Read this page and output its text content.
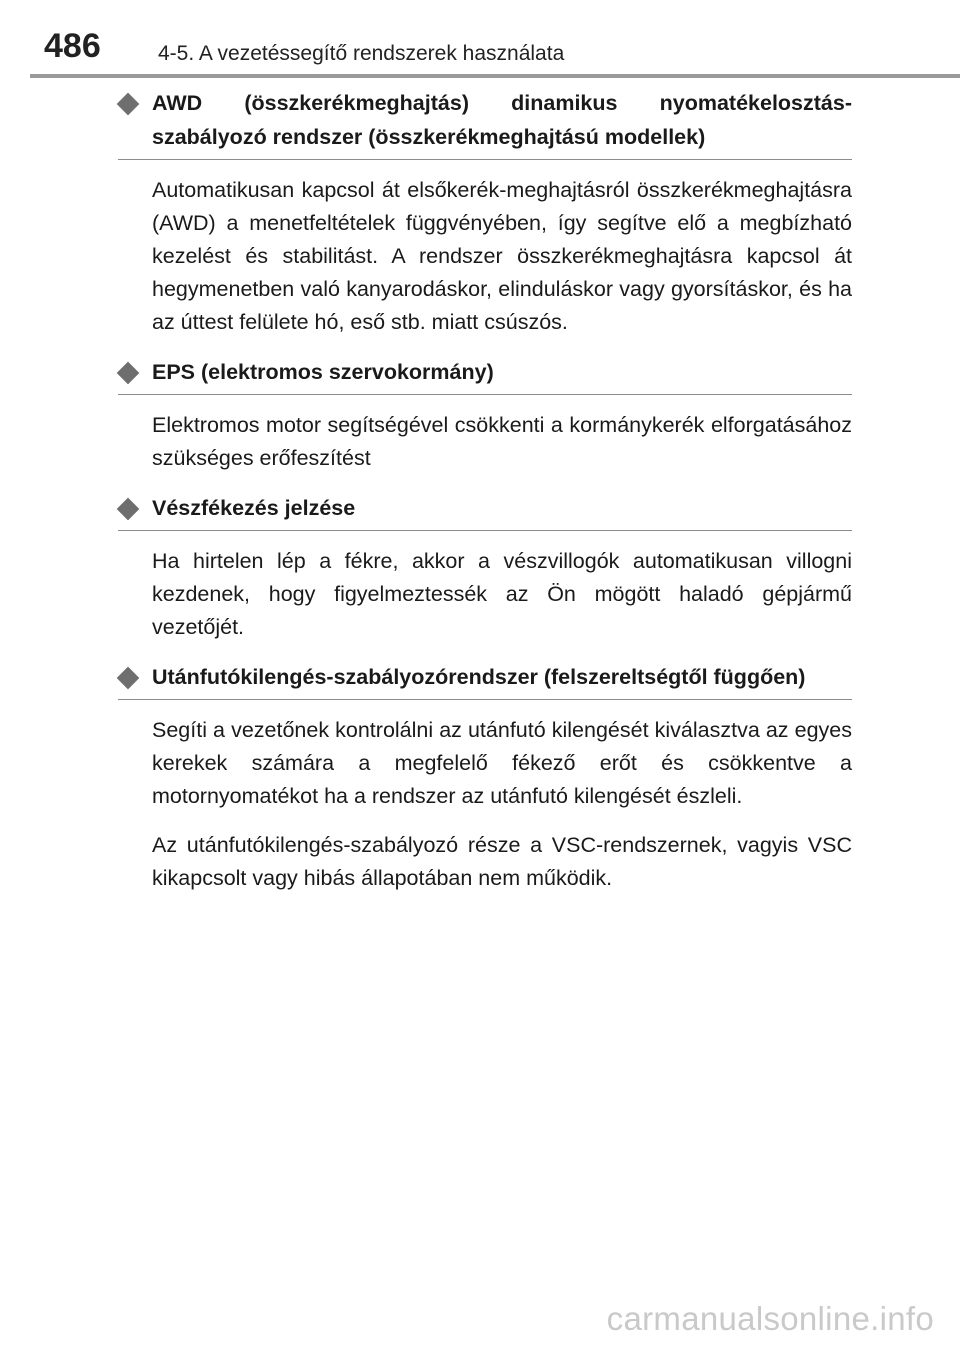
486	4-5. A vezetéssegítő rendszerek használata
AWD (összkerékmeghajtás) dinamikus nyomatékelosztás-szabályozó rendszer (összkerékmeghajtású modellek)

Automatikusan kapcsol át elsőkerék-meghajtásról összkerékmeghajtásra (AWD) a menetfeltételek függvényében, így segítve elő a megbízható kezelést és stabilitást. A rendszer összkerékmeghajtásra kapcsol át hegymenetben való kanyarodáskor, elinduláskor vagy gyorsításkor, és ha az úttest felülete hó, eső stb. miatt csúszós.

EPS (elektromos szervokormány)

Elektromos motor segítségével csökkenti a kormánykerék elforgatásához szükséges erőfeszítést

Vészfékezés jelzése

Ha hirtelen lép a fékre, akkor a vészvillogók automatikusan villogni kezdenek, hogy figyelmeztessék az Ön mögött haladó gépjármű vezetőjét.

Utánfutókilengés-szabályozórendszer (felszereltségtől függően)

Segíti a vezetőnek kontrolálni az utánfutó kilengését kiválasztva az egyes kerekek számára a megfelelő fékező erőt és csökkentve a motornyomatékot ha a rendszer az utánfutó kilengését észleli.

Az utánfutókilengés-szabályozó része a VSC-rendszernek, vagyis VSC kikapcsolt vagy hibás állapotában nem működik.

carmanualsonline.info
